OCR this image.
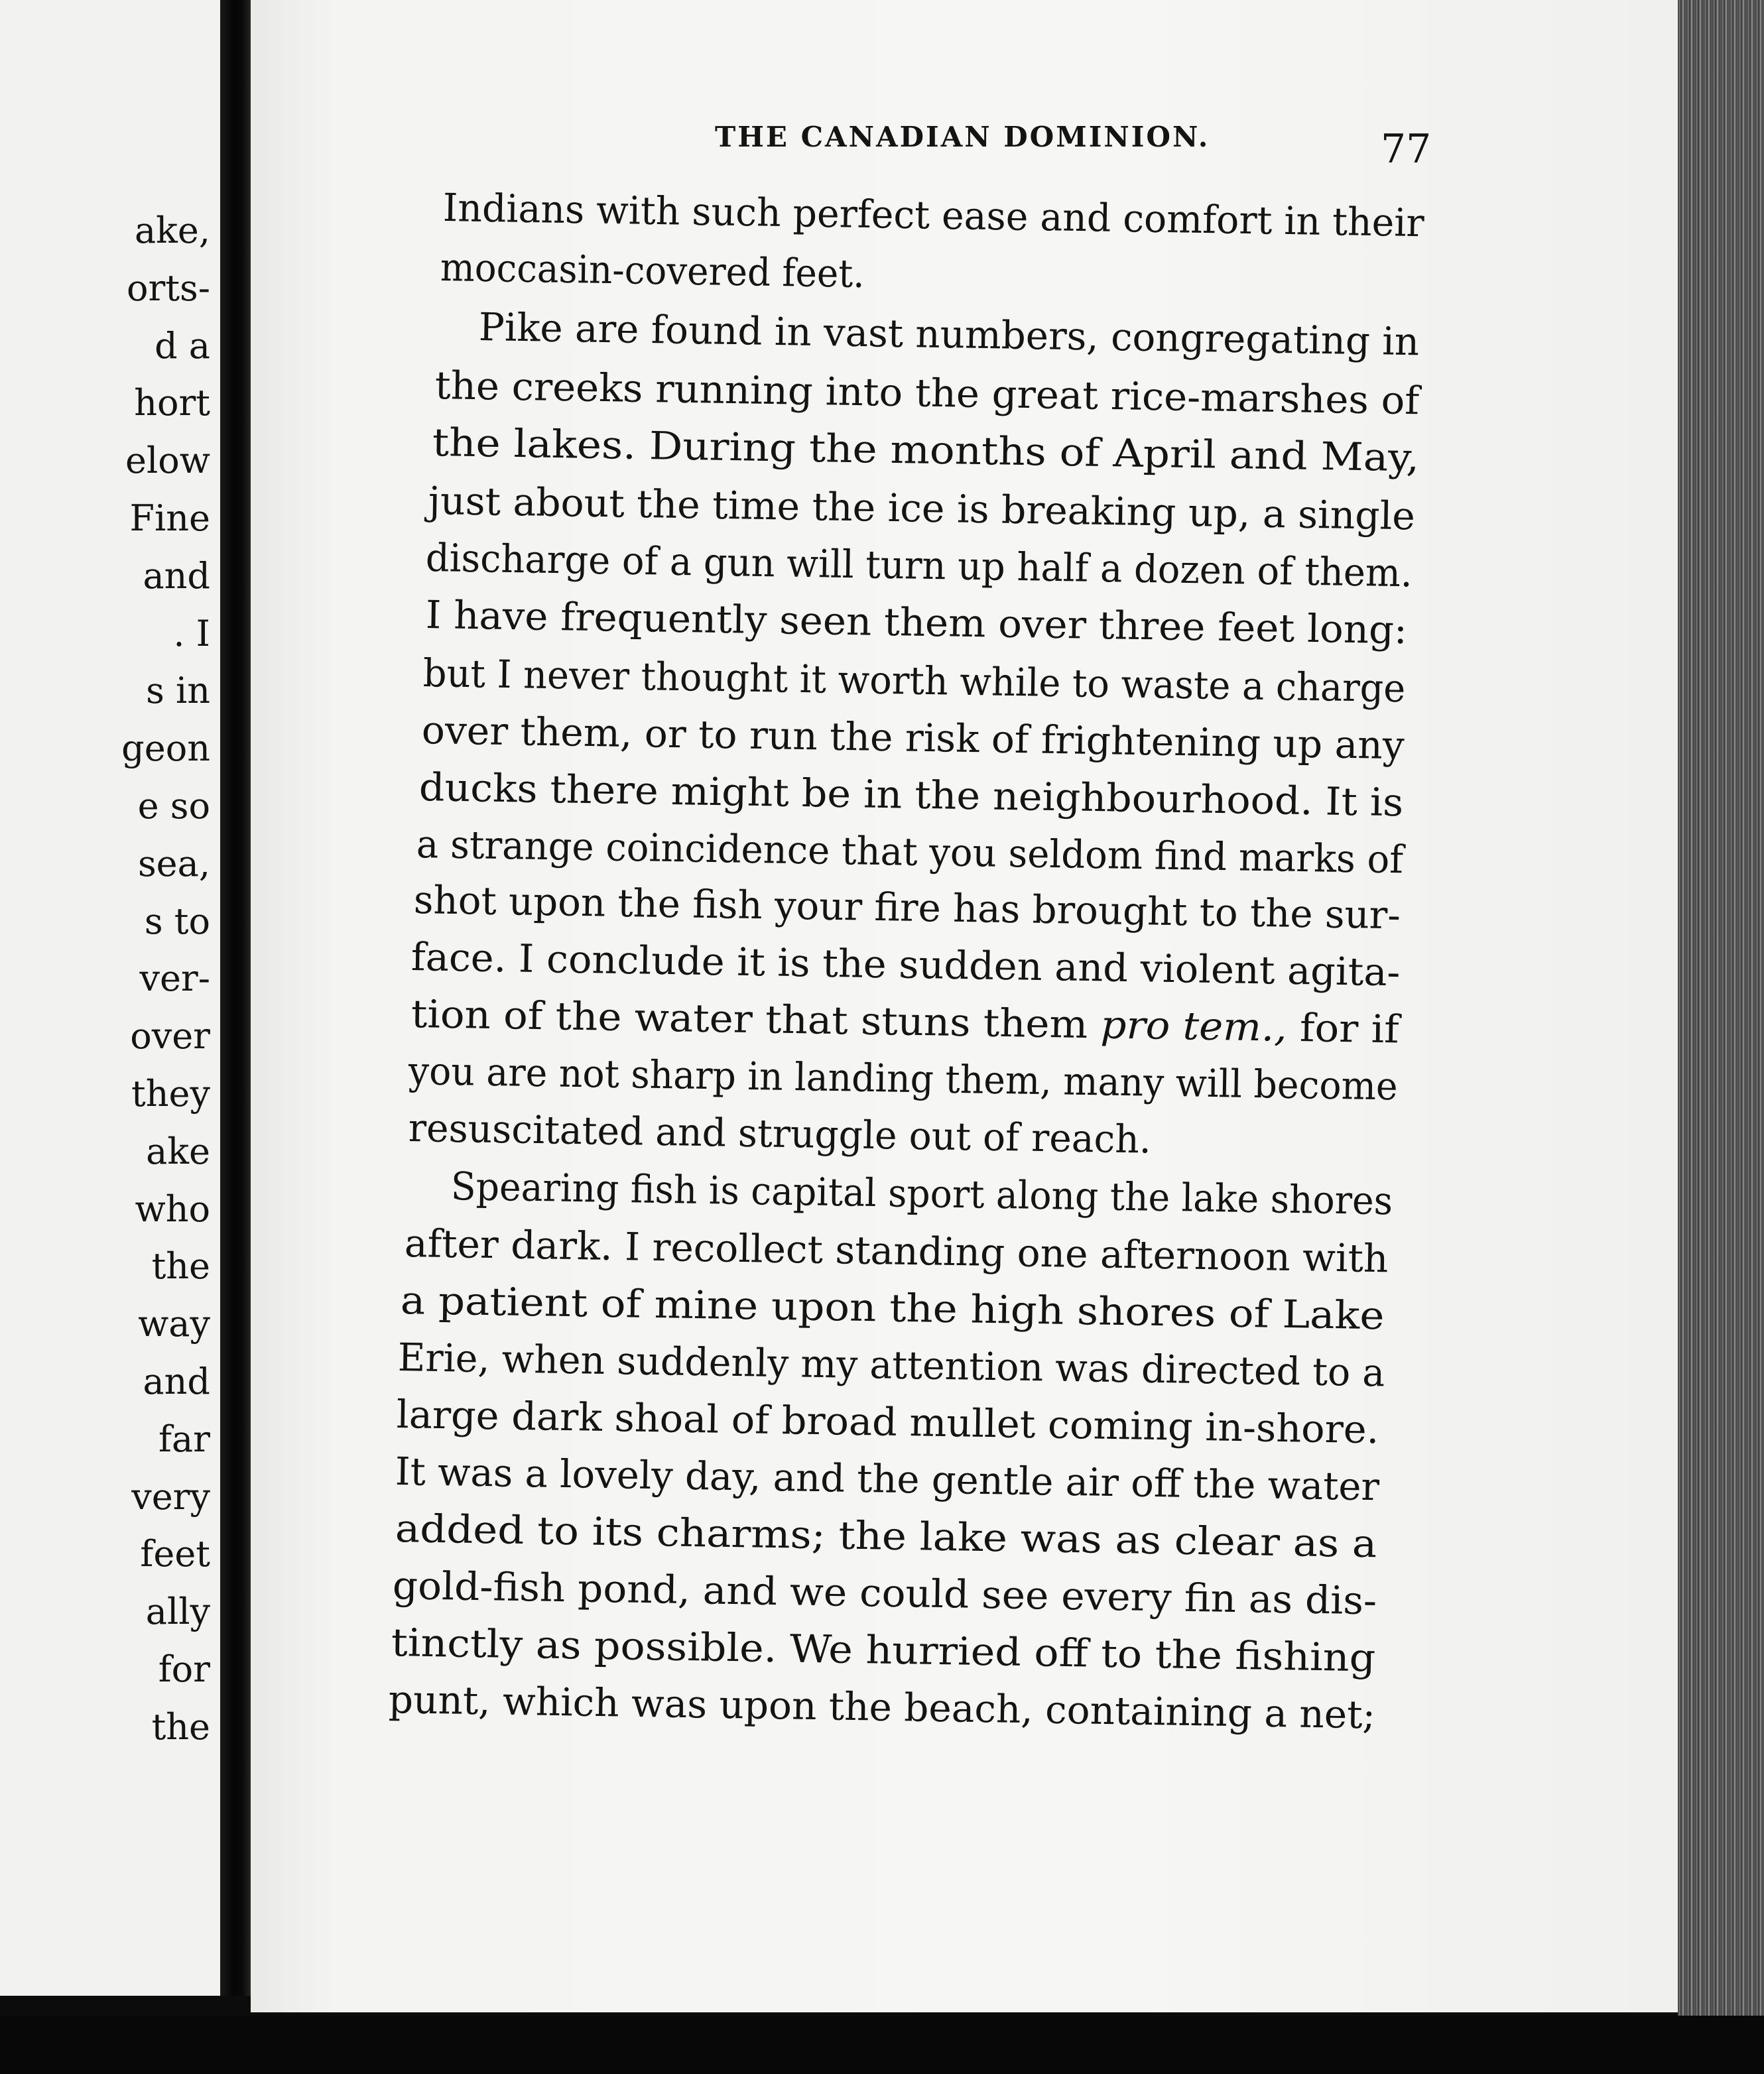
ake,
orts-
d a
hort
elow
Fine
and
. I
s in
geon
e so
sea,
s to
ver-
over
they
ake
who
the
way
and
far
very
feet
ally
for
the
THE CANADIAN DOMINION.	77
Indians with such perfect ease and comfort in their
moccasin-covered feet.
Pike are found in vast numbers, congregating in
the creeks running into the great rice-marshes of
the lakes. During the months of April and May,
just about the time the ice is breaking up, a single
discharge of a gun will turn up half a dozen of them.
I have frequently seen them over three feet long:
but I never thought it worth while to waste a charge
over them, or to run the risk of frightening up any
ducks there might be in the neighbourhood. It is
a strange coincidence that you seldom find marks of
shot upon the fish your fire has brought to the sur-
face. I conclude it is the sudden and violent agita-
tion of the water that stuns them pro tem., for if
you are not sharp in landing them, many will become
resuscitated and struggle out of reach.
Spearing fish is capital sport along the lake shores
after dark. I recollect standing one afternoon with
a patient of mine upon the high shores of Lake
Erie, when suddenly my attention was directed to a
large dark shoal of broad mullet coming in-shore.
It was a lovely day, and the gentle air off the water
added to its charms; the lake was as clear as a
gold-fish pond, and we could see every fin as dis-
tinctly as possible. We hurried off to the fishing
punt, which was upon the beach, containing a net;
